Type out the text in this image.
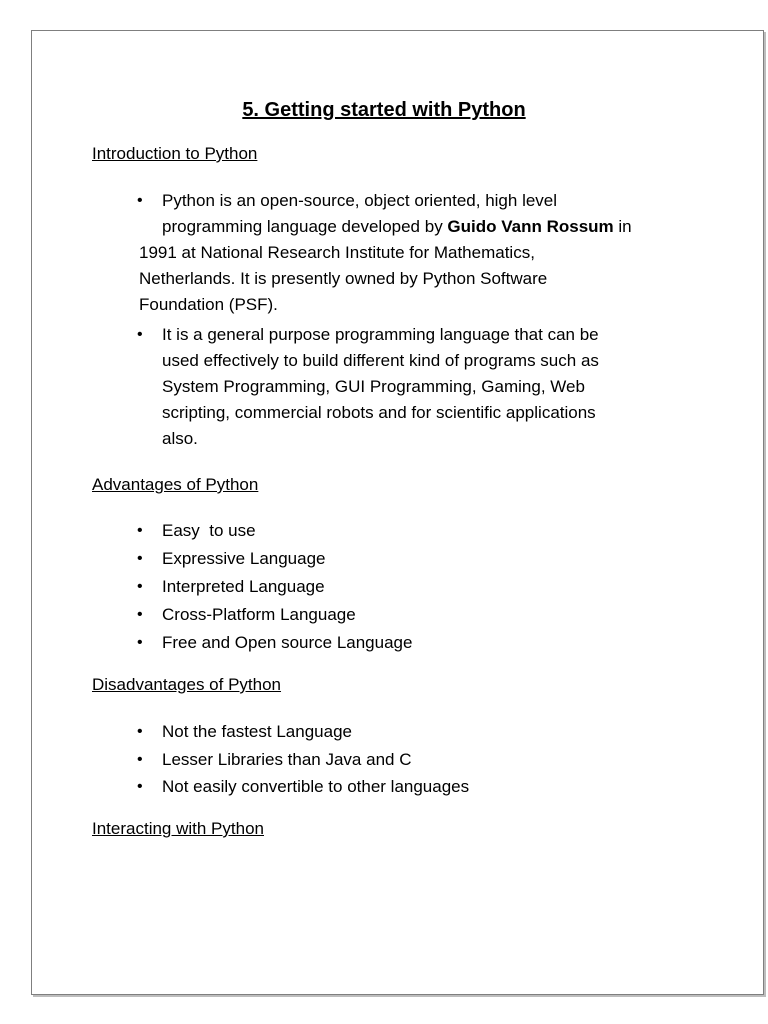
5. Getting started with Python
Introduction to Python
• Python is an open-source, object oriented, high level
programming language developed by Guido Vann Rossum in
1991 at National Research Institute for Mathematics,
Netherlands. It is presently owned by Python Software
Foundation (PSF).
• It is a general purpose programming language that can be
used effectively to build different kind of programs such as
System Programming, GUI Programming, Gaming, Web
scripting, commercial robots and for scientific applications
also.
Advantages of Python
• Easy  to use
• Expressive Language
• Interpreted Language
• Cross-Platform Language
• Free and Open source Language
Disadvantages of Python
• Not the fastest Language
• Lesser Libraries than Java and C
• Not easily convertible to other languages
Interacting with Python
